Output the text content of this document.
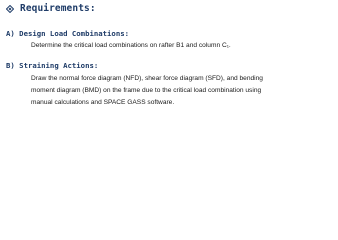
Requirements:
A) Design Load Combinations:
Determine the critical load combinations on rafter B1 and column C₁.
B) Straining Actions:
Draw the normal force diagram (NFD), shear force diagram (SFD), and bending
moment diagram (BMD) on the frame due to the critical load combination using
manual calculations and SPACE GASS software.
